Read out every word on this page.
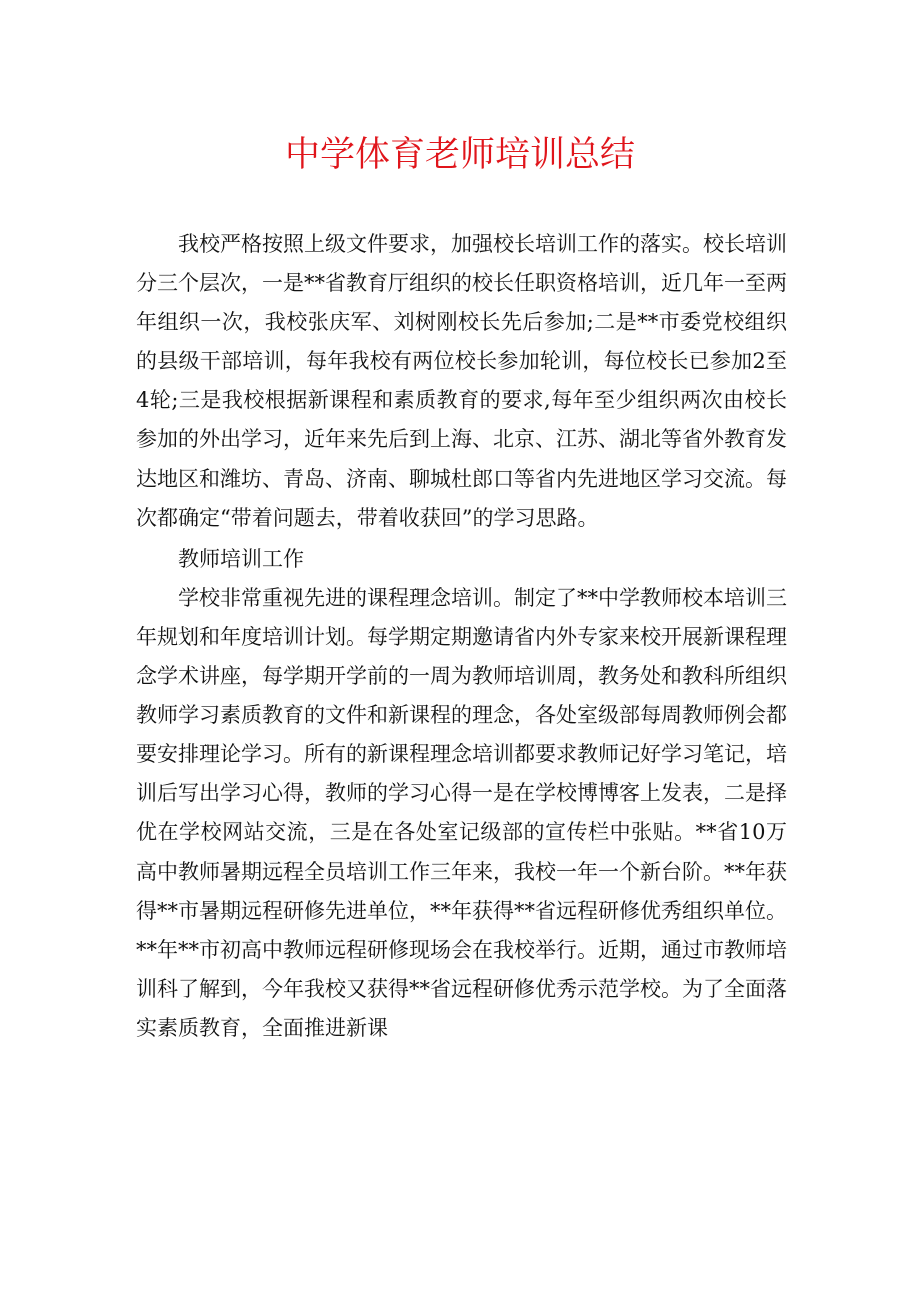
中学体育老师培训总结

我校严格按照上级文件要求，加强校长培训工作的落实。校长培训分三个层次，一是**省教育厅组织的校长任职资格培训，近几年一至两年组织一次，我校张庆军、刘树刚校长先后参加;二是**市委党校组织的县级干部培训，每年我校有两位校长参加轮训，每位校长已参加2至4轮;三是我校根据新课程和素质教育的要求,每年至少组织两次由校长参加的外出学习，近年来先后到上海、北京、江苏、湖北等省外教育发达地区和潍坊、青岛、济南、聊城杜郎口等省内先进地区学习交流。每次都确定“带着问题去，带着收获回”的学习思路。

教师培训工作

学校非常重视先进的课程理念培训。制定了**中学教师校本培训三年规划和年度培训计划。每学期定期邀请省内外专家来校开展新课程理念学术讲座，每学期开学前的一周为教师培训周，教务处和教科所组织教师学习素质教育的文件和新课程的理念，各处室级部每周教师例会都要安排理论学习。所有的新课程理念培训都要求教师记好学习笔记，培训后写出学习心得，教师的学习心得一是在学校博博客上发表，二是择优在学校网站交流，三是在各处室记级部的宣传栏中张贴。**省10万高中教师暑期远程全员培训工作三年来，我校一年一个新台阶。**年获得**市暑期远程研修先进单位，**年获得**省远程研修优秀组织单位。**年**市初高中教师远程研修现场会在我校举行。近期，通过市教师培训科了解到，今年我校又获得**省远程研修优秀示范学校。为了全面落实素质教育，全面推进新课
